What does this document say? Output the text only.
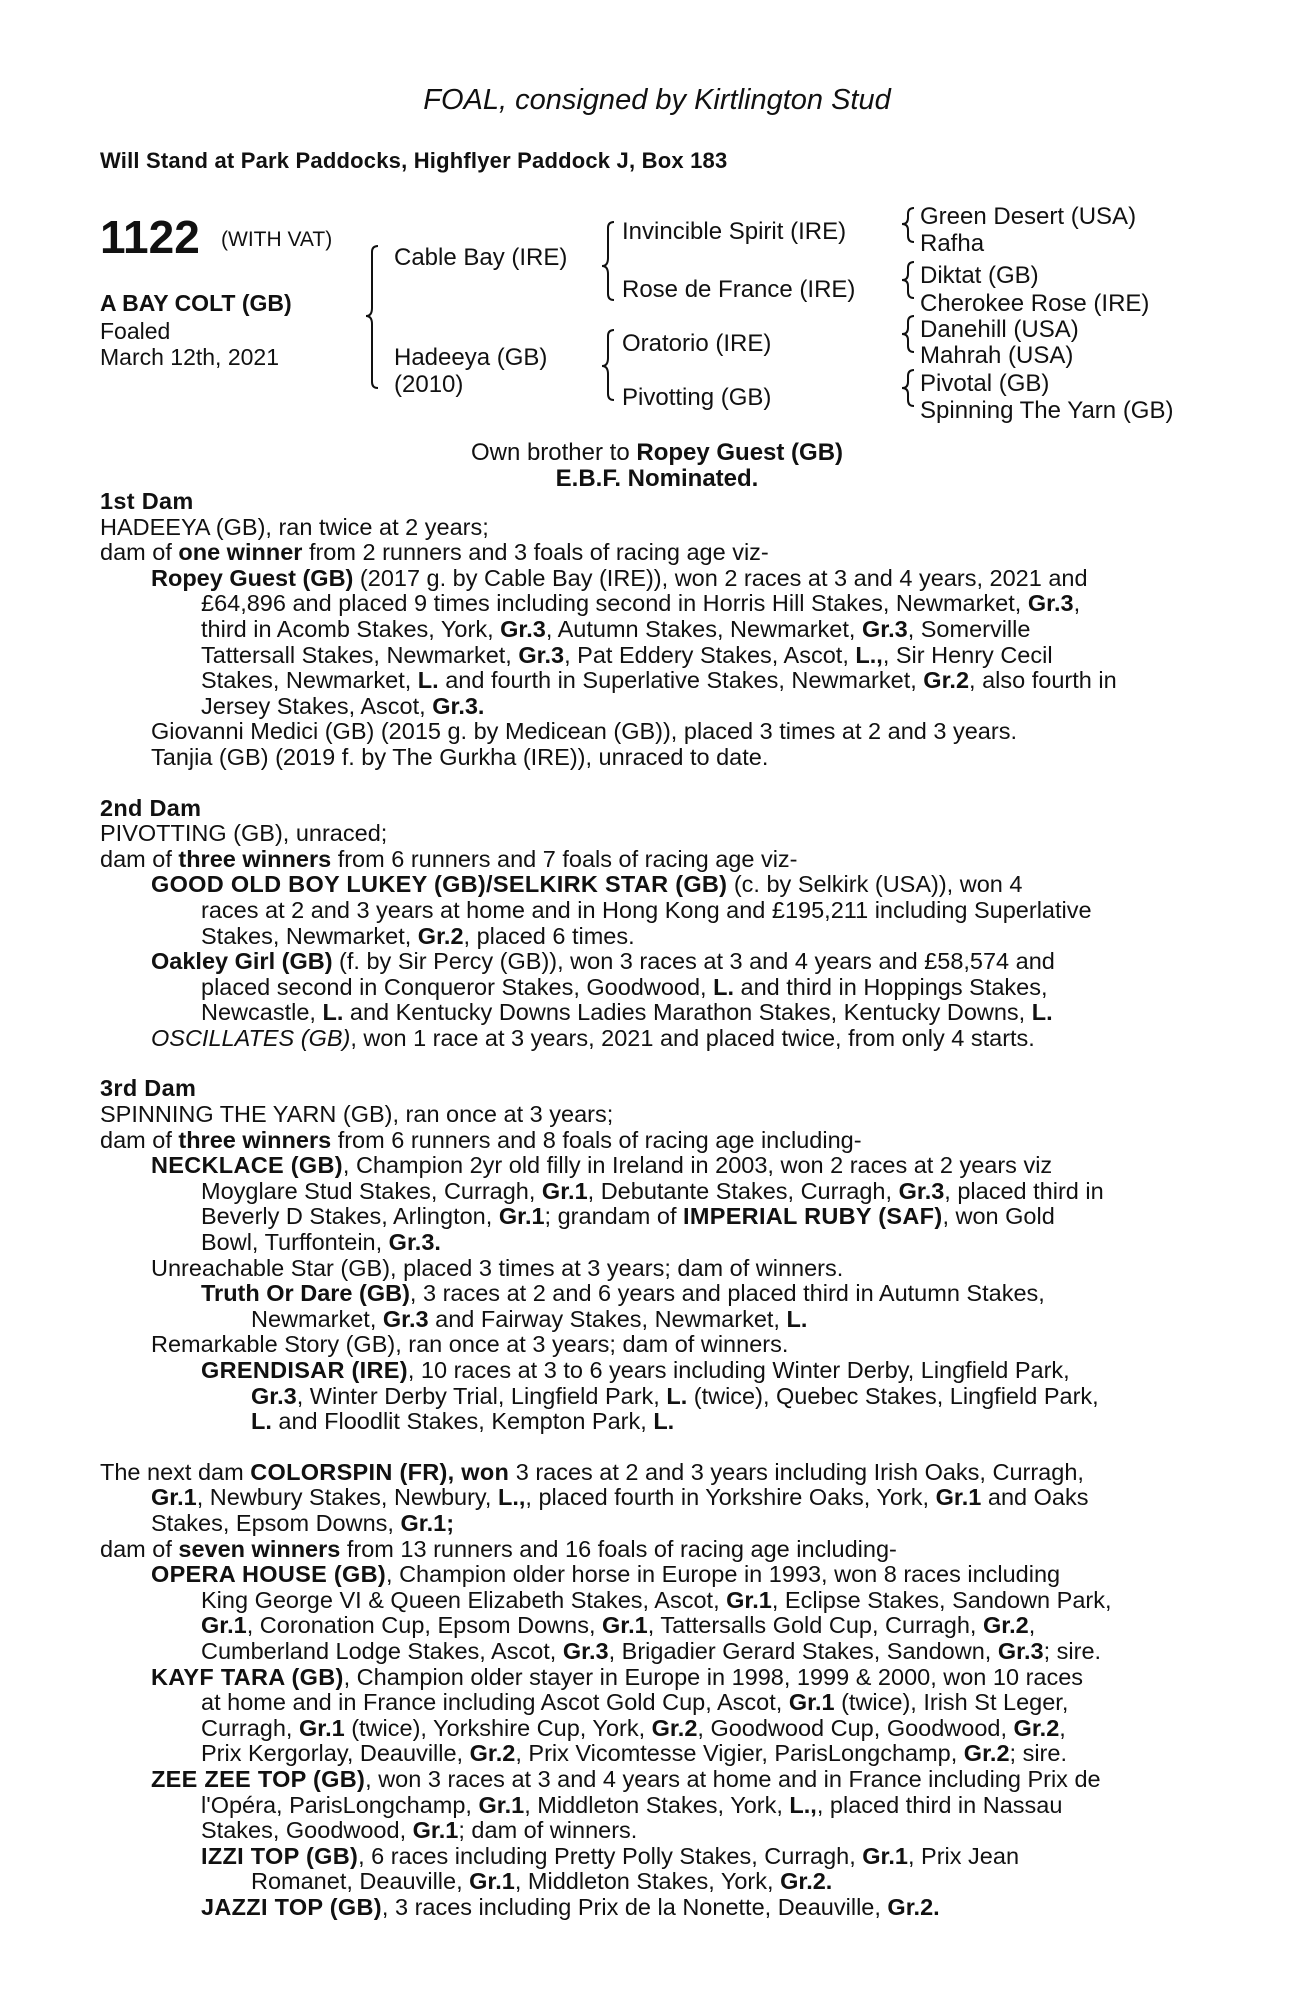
FOAL, consigned by Kirtlington Stud
Will Stand at Park Paddocks, Highflyer Paddock J, Box 183
1122 (WITH VAT)
A BAY COLT (GB)
Foaled
March 12th, 2021
Cable Bay (IRE)
Hadeeya (GB)
(2010)
Invincible Spirit (IRE)
Rose de France (IRE)
Oratorio (IRE)
Pivotting (GB)
Green Desert (USA)
Rafha
Diktat (GB)
Cherokee Rose (IRE)
Danehill (USA)
Mahrah (USA)
Pivotal (GB)
Spinning The Yarn (GB)
Own brother to Ropey Guest (GB)
E.B.F. Nominated.

1st Dam

HADEEYA (GB), ran twice at 2 years;

dam of one winner from 2 runners and 3 foals of racing age viz-

Ropey Guest (GB) (2017 g. by Cable Bay (IRE)), won 2 races at 3 and 4 years, 2021 and

£64,896 and placed 9 times including second in Horris Hill Stakes, Newmarket, Gr.3,

third in Acomb Stakes, York, Gr.3, Autumn Stakes, Newmarket, Gr.3, Somerville

Tattersall Stakes, Newmarket, Gr.3, Pat Eddery Stakes, Ascot, L.,, Sir Henry Cecil

Stakes, Newmarket, L. and fourth in Superlative Stakes, Newmarket, Gr.2, also fourth in

Jersey Stakes, Ascot, Gr.3.

Giovanni Medici (GB) (2015 g. by Medicean (GB)), placed 3 times at 2 and 3 years.

Tanjia (GB) (2019 f. by The Gurkha (IRE)), unraced to date.

2nd Dam

PIVOTTING (GB), unraced;

dam of three winners from 6 runners and 7 foals of racing age viz-

GOOD OLD BOY LUKEY (GB)/SELKIRK STAR (GB) (c. by Selkirk (USA)), won 4

races at 2 and 3 years at home and in Hong Kong and £195,211 including Superlative

Stakes, Newmarket, Gr.2, placed 6 times.

Oakley Girl (GB) (f. by Sir Percy (GB)), won 3 races at 3 and 4 years and £58,574 and

placed second in Conqueror Stakes, Goodwood, L. and third in Hoppings Stakes,

Newcastle, L. and Kentucky Downs Ladies Marathon Stakes, Kentucky Downs, L.

OSCILLATES (GB), won 1 race at 3 years, 2021 and placed twice, from only 4 starts.

3rd Dam

SPINNING THE YARN (GB), ran once at 3 years;

dam of three winners from 6 runners and 8 foals of racing age including-

NECKLACE (GB), Champion 2yr old filly in Ireland in 2003, won 2 races at 2 years viz

Moyglare Stud Stakes, Curragh, Gr.1, Debutante Stakes, Curragh, Gr.3, placed third in

Beverly D Stakes, Arlington, Gr.1; grandam of IMPERIAL RUBY (SAF), won Gold

Bowl, Turffontein, Gr.3.

Unreachable Star (GB), placed 3 times at 3 years; dam of winners.

Truth Or Dare (GB), 3 races at 2 and 6 years and placed third in Autumn Stakes,

Newmarket, Gr.3 and Fairway Stakes, Newmarket, L.

Remarkable Story (GB), ran once at 3 years; dam of winners.

GRENDISAR (IRE), 10 races at 3 to 6 years including Winter Derby, Lingfield Park,

Gr.3, Winter Derby Trial, Lingfield Park, L. (twice), Quebec Stakes, Lingfield Park,

L. and Floodlit Stakes, Kempton Park, L.

The next dam COLORSPIN (FR), won 3 races at 2 and 3 years including Irish Oaks, Curragh,

Gr.1, Newbury Stakes, Newbury, L.,, placed fourth in Yorkshire Oaks, York, Gr.1 and Oaks

Stakes, Epsom Downs, Gr.1;

dam of seven winners from 13 runners and 16 foals of racing age including-

OPERA HOUSE (GB), Champion older horse in Europe in 1993, won 8 races including

King George VI & Queen Elizabeth Stakes, Ascot, Gr.1, Eclipse Stakes, Sandown Park,

Gr.1, Coronation Cup, Epsom Downs, Gr.1, Tattersalls Gold Cup, Curragh, Gr.2,

Cumberland Lodge Stakes, Ascot, Gr.3, Brigadier Gerard Stakes, Sandown, Gr.3; sire.

KAYF TARA (GB), Champion older stayer in Europe in 1998, 1999 & 2000, won 10 races

at home and in France including Ascot Gold Cup, Ascot, Gr.1 (twice), Irish St Leger,

Curragh, Gr.1 (twice), Yorkshire Cup, York, Gr.2, Goodwood Cup, Goodwood, Gr.2,

Prix Kergorlay, Deauville, Gr.2, Prix Vicomtesse Vigier, ParisLongchamp, Gr.2; sire.

ZEE ZEE TOP (GB), won 3 races at 3 and 4 years at home and in France including Prix de

l'Opéra, ParisLongchamp, Gr.1, Middleton Stakes, York, L.,, placed third in Nassau

Stakes, Goodwood, Gr.1; dam of winners.

IZZI TOP (GB), 6 races including Pretty Polly Stakes, Curragh, Gr.1, Prix Jean

Romanet, Deauville, Gr.1, Middleton Stakes, York, Gr.2.

JAZZI TOP (GB), 3 races including Prix de la Nonette, Deauville, Gr.2.
